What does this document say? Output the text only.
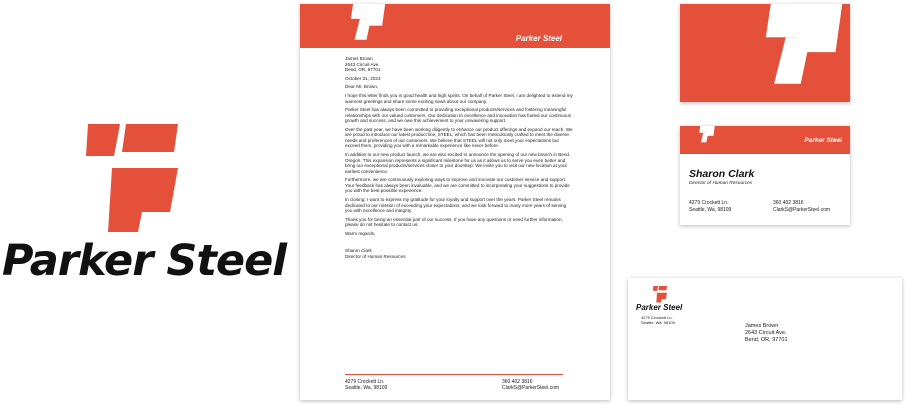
Parker Steel
Parker Steel

James Brown
2643 Circuit Ave.
Bend, OR, 97701

October 31, 2023

Dear Mr. Brown,

I hope this letter finds you in good health and high spirits. On behalf of Parker Steel, I am delighted to extend my warmest greetings and share some exciting news about our company.

Parker Steel has always been committed to providing exceptional products/services and fostering meaningful relationships with our valued customers. Our dedication to excellence and innovation has fueled our continuous growth and success, and we owe this achievement to your unwavering support.

Over the past year, we have been working diligently to enhance our product offerings and expand our reach. We are proud to introduce our latest product line, STEEL, which has been meticulously crafted to meet the diverse needs and preferences of our customers. We believe that STEEL will not only meet your expectations but exceed them, providing you with a remarkable experience like never before.

In addition to our new product launch, we are also excited to announce the opening of our new branch in Bend, Oregon. This expansion represents a significant milestone for us as it allows us to serve you even better and bring our exceptional products/services closer to your doorstep. We invite you to visit our new location at your earliest convenience.

Furthermore, we are continuously exploring ways to improve and innovate our customer service and support. Your feedback has always been invaluable, and we are committed to incorporating your suggestions to provide you with the best possible experience.

In closing, I want to express my gratitude for your loyalty and support over the years. Parker Steel remains dedicated to our mission of exceeding your expectations, and we look forward to many more years of serving you with excellence and integrity.

Thank you for being an essential part of our success. If you have any questions or need further information, please do not hesitate to contact us.

Warm regards,

Sharon Clark
Director of Human Resources

4279 Crockett Ln.
Seattle, Wa, 98109
360 402 3816
ClarkS@ParkerSteel.com
Parker Steel
Sharon Clark
Director of Human Resources
4279 Crockett Ln.
Seattle, Wa, 98109
360 402 3816
ClarkS@ParkerSteel.com
Parker Steel
4279 Crockett Ln.
Seattle, Wa, 98109
James Brown
2643 Circuit Ave.
Bend, OR, 97701
